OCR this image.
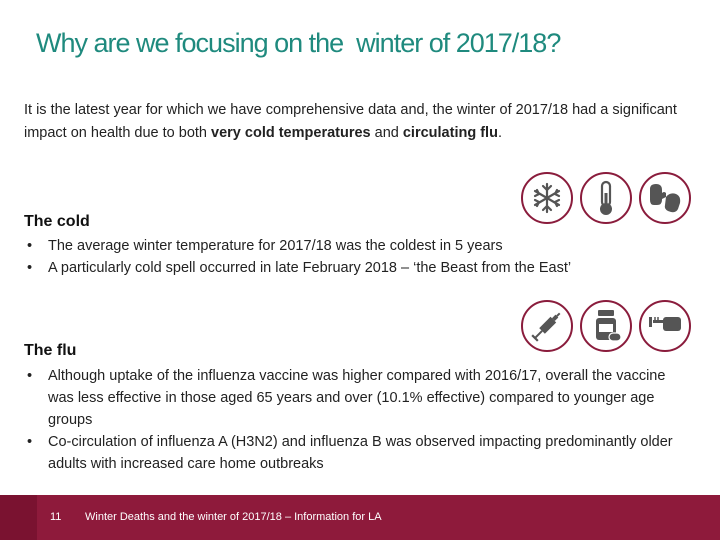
Why are we focusing on the  winter of 2017/18?
It is the latest year for which we have comprehensive data and, the winter of 2017/18 had a significant impact on health due to both very cold temperatures and circulating flu.
The cold
• The average winter temperature for 2017/18 was the coldest in 5 years
• A particularly cold spell occurred in late February 2018 – ‘the Beast from the East’
The flu
• Although uptake of the influenza vaccine was higher compared with 2016/17, overall the vaccine was less effective in those aged 65 years and over (10.1% effective) compared to younger age groups
• Co-circulation of influenza A (H3N2) and influenza B was observed impacting predominantly older adults with increased care home outbreaks
11 Winter Deaths and the winter of 2017/18 – Information for LA
